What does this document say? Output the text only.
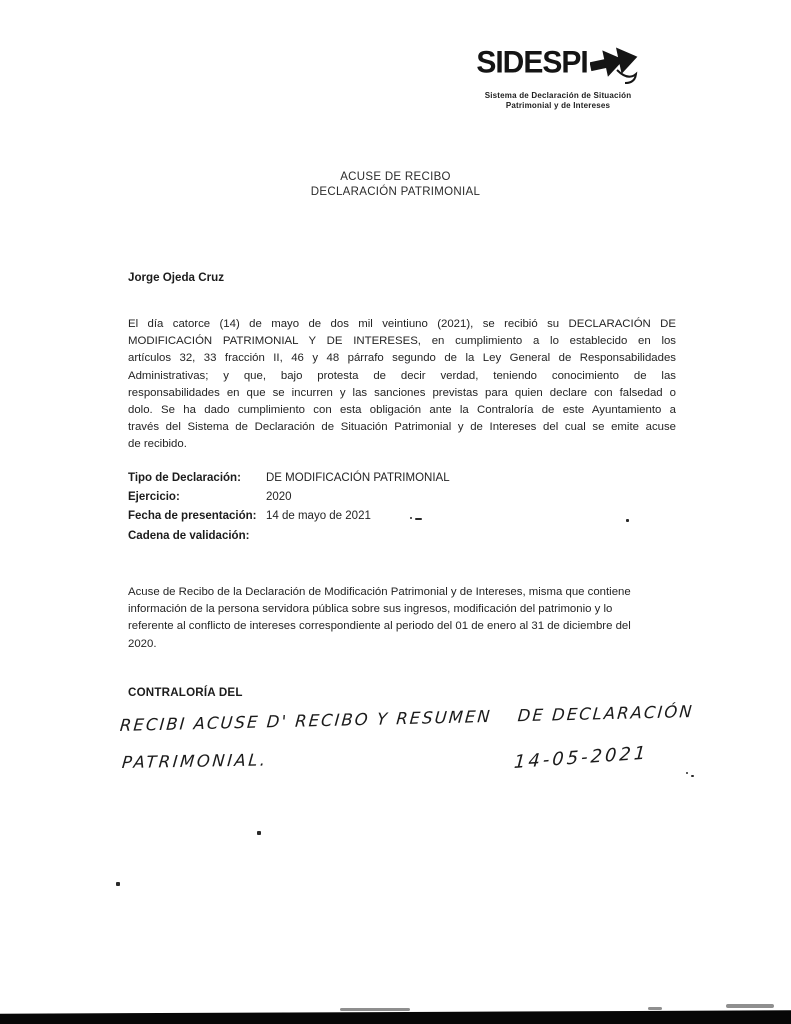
SIDESPI
Sistema de Declaración de Situación
Patrimonial y de Intereses
ACUSE DE RECIBO
DECLARACIÓN PATRIMONIAL
Jorge Ojeda Cruz
El día catorce (14) de mayo de dos mil veintiuno (2021), se recibió su DECLARACIÓN DE
MODIFICACIÓN PATRIMONIAL Y DE INTERESES, en cumplimiento a lo establecido en los
artículos 32, 33 fracción II, 46 y 48 párrafo segundo de la Ley General de Responsabilidades
Administrativas; y que, bajo protesta de decir verdad, teniendo conocimiento de las
responsabilidades en que se incurren y las sanciones previstas para quien declare con falsedad o
dolo. Se ha dado cumplimiento con esta obligación ante la Contraloría de este Ayuntamiento a
través del Sistema de Declaración de Situación Patrimonial y de Intereses del cual se emite acuse
de recibido.
Tipo de Declaración:	DE MODIFICACIÓN PATRIMONIAL
Ejercicio:	2020
Fecha de presentación: 14 de mayo de 2021
Cadena de validación:
Acuse de Recibo de la Declaración de Modificación Patrimonial y de Intereses, misma que contiene
información de la persona servidora pública sobre sus ingresos, modificación del patrimonio y lo
referente al conflicto de intereses correspondiente al periodo del 01 de enero al 31 de diciembre del
2020.
CONTRALORÍA DEL
RECIBI ACUSE D' RECIBO Y RESUMEN DE DECLARACIÓN
PATRIMONIAL.	14-05-2021
